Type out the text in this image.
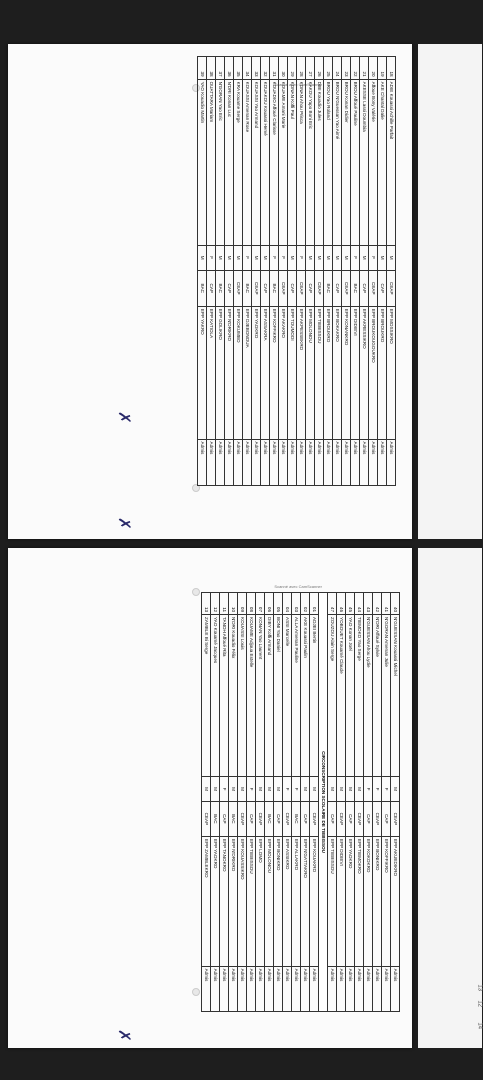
Scanné avec CamScanner
✗
✗
Scanné avec CamScanner
✗
13
12
14
18	ADIE Kouassi Achille Parfait	M	CEAP	EPP MOSSIKRO	Admis
19	AKE Chantal Dalie	M	CAP	EPP BROUKRO	Admis
20	Affoue Bony Valérie	F	CEAP	EPP BROUKOUGOUKRO	Admis
21	AKESSE Lassi Doumbia	M	CAP	EPP AKRESSIKRO	Admis
22	BROU Affoué Pauline	F	BAC	EPP DIDIEVI	Admis
23	BROU Konan Didier	M	CEAP	EPP KONANKRO	Admis
24	BROU N'Guessan Yao Aimé	M	CAP	EPP BOKAKRO	Admis
25	BROU Yao Roland	M	BAC	EPP BROUKRO	Admis
26	DIBI Kouadio Jules	M	CEAP	EPP TIEBISSOU	Admis
27	KAKOU Yapo Boni Eric	M	CAP	EPP MOLONOU	Admis
28	KONAN Ahou Prisca	F	CEAP	EPP AKPESSEKRO	Admis
29	KONAN Koffi Paul	M	CAP	EPP TOUMODI	Admis
30	KOUAME Amani Marie	F	CEAP	EPP AKAKRO	Admis
31	KOUADIO Affoué Clarisse	F	BAC	EPP KOFFIKRO	Admis
32	KOUAKOU Kouassi Hervé	M	CAP	EPP ASSAKRA	Admis
33	KOUASSI Yao Armand	M	CEAP	EPP YAOKRO	Admis
34	KOUASSI Amenan Rose	F	BAC	EPP DJEBONOUA	Admis
35	KRA Kouame Serge	M	CEAP	EPP KOKUMBO	Admis
36	N'DRI Konan Luc	M	CAP	EPP N'DRIKRO	Admis
37	N'GORAN Yao Eric	M	BAC	EPP GOLIKRO	Admis
38	OUATTARA Mariam	F	CAP	EPP KATIOLA	Admis
39	YAO Kouadio Martin	M	BAC	EPP YAKRO	Admis
40	N'GUESSAN Kouassi Michel	M	CEAP	EPP AKUEDIKRO	Admis
41	N'GORAN Amenan Julie	F	CAP	EPP KOFFIKRO	Admis
42	N'DRI Affoué Sylvie	F	CEAP	EPP BONIKRO	Admis
43	N'GUESSAN Ahou Lydie	F	CAP	EPP KOKOKRO	Admis
44	TIEMOKO Yao Serge	M	CEAP	EPP TIEMOKRO	Admis
45	YAO Konan Joël	M	CAP	EPP YAOKRO	Admis
46	YOBOUET Kouamé Claude	M	CEAP	EPP DIDIEVI	Admis
47	ZOUZOU Alain Serge	M	CAP	EPP TIEBISSOU	Admis
CIRCONSCRIPTION SCOLAIRE DE TIEBISSOU					
01	ADJEI Bertin	M	CEAP	EPP KOUAKRO	Admis
02	AKE Kouassi Paulin	M	CAP	EPP N'GATTAKRO	Admis
03	ALLA Amenan Pauline	F	BAC	EPP ALLAKRO	Admis
04	ASSI Marcelle	F	CEAP	EPP ASSIKRO	Admis
05	BONI Yao Daniel	M	CAP	EPP BONIKRO	Admis
06	DIBY Koffi Armand	M	BAC	EPP MOLONOU	Admis
07	KONAN Yao Laurent	M	CEAP	EPP LOMO	Admis
08	KOUAME Adjoua Estelle	F	CAP	EPP TIEBISSOU	Admis
09	KOUASSI Louis	M	CEAP	EPP KOUASSIKRO	Admis
10	N'DRI Kouadio Félix	M	BAC	EPP N'DRIKRO	Admis
11	TANOH Affoué Rita	F	CAP	EPP TANOKRO	Admis
12	YAO Kouamé Jacques	M	BAC	EPP YAOKRO	Admis
13	ZAMBLE Bi Serge	M	CEAP	EPP ZAMBLEKRO	Admis
